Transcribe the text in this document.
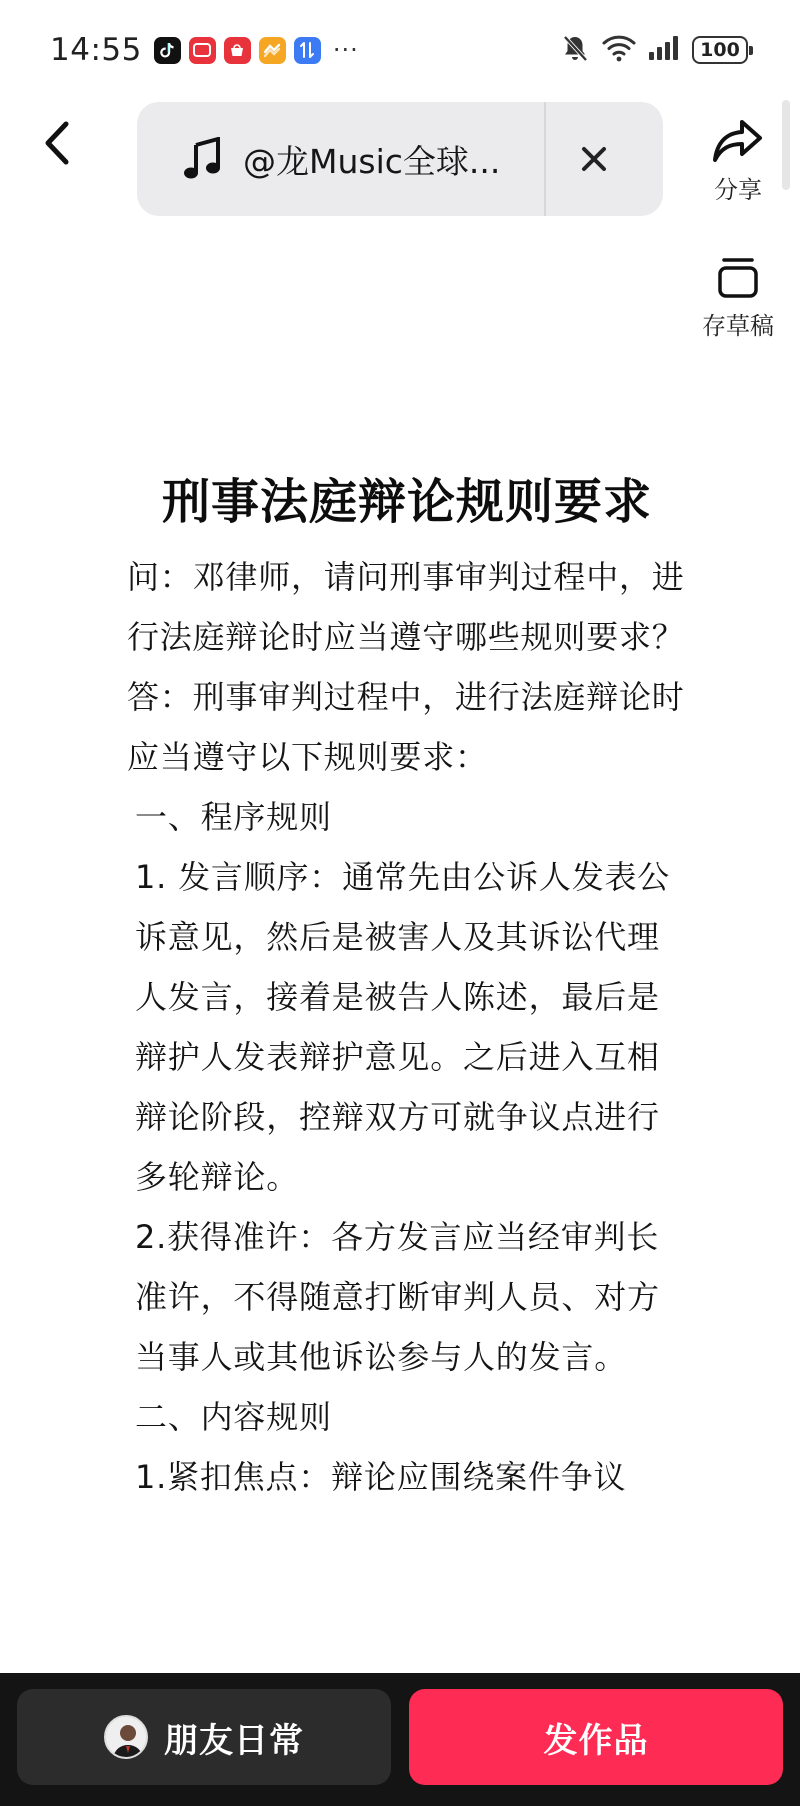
14:55	···	100
@龙Music全球...
分享
存草稿
刑事法庭辩论规则要求

问：邓律师，请问刑事审判过程中，进行法庭辩论时应当遵守哪些规则要求？

答：刑事审判过程中，进行法庭辩论时应当遵守以下规则要求：

一、程序规则

1. 发言顺序：通常先由公诉人发表公诉意见，然后是被害人及其诉讼代理人发言，接着是被告人陈述，最后是辩护人发表辩护意见。之后进入互相辩论阶段，控辩双方可就争议点进行多轮辩论。

2.获得准许：各方发言应当经审判长准许，不得随意打断审判人员、对方当事人或其他诉讼参与人的发言。

二、内容规则

1.紧扣焦点：辩论应围绕案件争议

朋友日常	发作品
